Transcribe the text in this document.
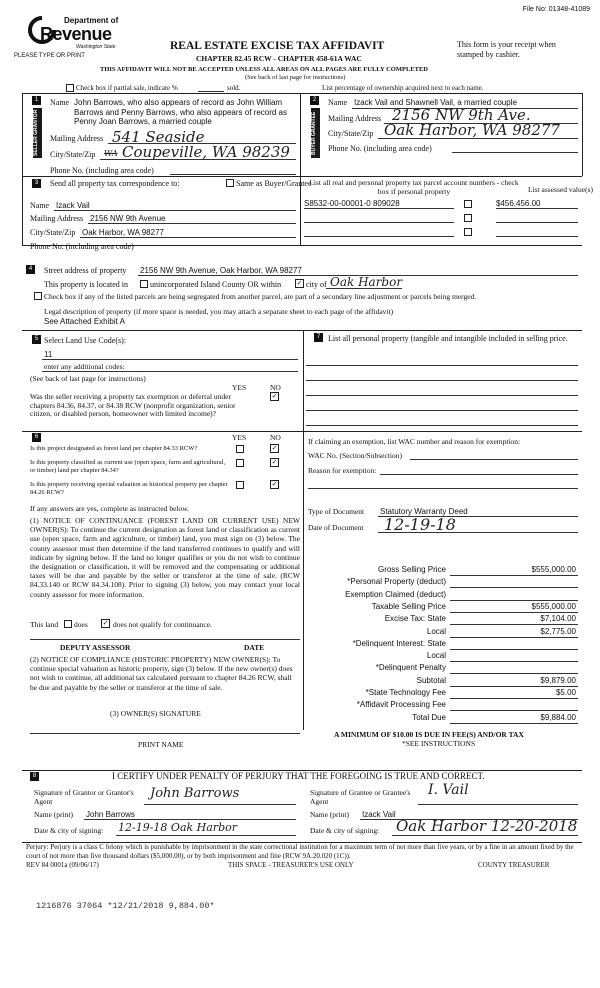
File No: 01348-41089
Department of
Revenue
Washington State
PLEASE TYPE OR PRINT
REAL ESTATE EXCISE TAX AFFIDAVIT
CHAPTER 82.45 RCW - CHAPTER 458-61A WAC
This form is your receipt when stamped by cashier.
THIS AFFIDAVIT WILL NOT BE ACCEPTED UNLESS ALL AREAS ON ALL PAGES ARE FULLY COMPLETED
(See back of last page for instructions)
Check box if partial sale, indicate %	sold.	List percentage of ownership acquired next to each name.
1
SELLER GRANTOR
Name John Barrows, who also appears of record as John William Barrows and Penny Barrows, who also appears of record as Penny Joan Barrows, a married couple
Mailing Address 541 Seaside
City/State/Zip WA Coupeville, WA 98239
Phone No. (including area code)
2
BUYER GRANTEE
Name Izack Vail and Shawnell Vail, a married couple
Mailing Address 2156 NW 9th Ave.
City/State/Zip Oak Harbor, WA 98277
Phone No. (including area code)
3	Send all property tax correspondence to:	Same as Buyer/Grantee
Name Izack Vail
Mailing Address 2156 NW 9th Avenue
City/State/Zip Oak Harbor, WA 98277
Phone No. (including area code)
List all real and personal property tax parcel account numbers - check box if personal property	List assessed value(s)
S8532-00-00001-0 809028	$456,456.00
4	Street address of property 2156 NW 9th Avenue, Oak Harbor, WA 98277
This property is located in	unincorporated Island County OR within ✓ city of Oak Harbor
Check box if any of the listed parcels are being segregated from another parcel, are part of a secondary line adjustment or parcels being merged.
Legal description of property (if more space is needed, you may attach a separate sheet to each page of the affidavit)
See Attached Exhibit A
5 Select Land Use Code(s):
11
enter any additional codes:
(See back of last page for instructions)
YES	NO
Was the seller receiving a property tax exemption or deferral under chapters 84.36, 84.37, or 84.38 RCW (nonprofit organization, senior citizen, or disabled person, homeowner with limited income)?
✓
7 List all personal property (tangible and intangible included in selling price.
6	YES	NO
Is this project designated as forest land per chapter 84.33 RCW?	✓
Is this property classified as current use (open space, farm and agricultural, or timber) land per chapter 84.34?
✓
Is this property receiving special valuation as historical property per chapter 84.26 RCW?
✓
If any answers are yes, complete as instructed below.
(1) NOTICE OF CONTINUANCE (FOREST LAND OR CURRENT USE) NEW OWNER(S): To continue the current designation as forest land or classification as current use (open space, farm and agriculture, or timber) land, you must sign on (3) below. The county assessor must then determine if the land transferred continues to qualify and will indicate by signing below. If the land no longer qualifies or you do not wish to continue the designation or classification, it will be removed and the compensating or additional taxes will be due and payable by the seller or transferor at the time of sale. (RCW 84.33.140 or RCW 84.34.108). Prior to signing (3) below, you may contact your local county assessor for more information.
This land does ✓ does not qualify for continuance.
DEPUTY ASSESSOR	DATE
(2) NOTICE OF COMPLIANCE (HISTORIC PROPERTY) NEW OWNER(S): To continue special valuation as historic property, sign (3) below. If the new owner(s) does not wish to continue, all additional tax calculated pursuant to chapter 84.26 RCW, shall be due and payable by the seller or transferor at the time of sale.
(3) OWNER(S) SIGNATURE
PRINT NAME
If claiming an exemption, list WAC number and reason for exemption:
WAC No. (Section/Subsection)
Reason for exemption:
Type of Document Statutory Warranty Deed
Date of Document 12-19-18
Gross Selling Price	$555,000.00
*Personal Property (deduct)
Exemption Claimed (deduct)
Taxable Selling Price	$555,000.00
Excise Tax: State	$7,104.00
Local	$2,775.00
*Delinquent Interest: State
Local
*Delinquent Penalty
Subtotal	$9,879.00
*State Technology Fee	$5.00
*Affidavit Processing Fee
Total Due	$9,884.00
A MINIMUM OF $10.00 IS DUE IN FEE(S) AND/OR TAX
*SEE INSTRUCTIONS
8	I CERTIFY UNDER PENALTY OF PERJURY THAT THE FOREGOING IS TRUE AND CORRECT.
Signature of Grantor or Grantor's Agent
John Barrows	Signature of Grantee or Grantee's Agent
I. Vail
Name (print) John Barrows	Name (print) Izack Vail
Date & city of signing: 12-19-18 Oak Harbor	Date & city of signing: Oak Harbor 12-20-2018
Perjury: Perjury is a class C felony which is punishable by imprisonment in the state correctional institution for a maximum term of not more than five years, or by a fine in an amount fixed by the court of not more than five thousand dollars ($5,000.00), or by both imprisonment and fine (RCW 9A.20.020 (1C)).
REV 84 0001a (09/06/17)	THIS SPACE - TREASURER'S USE ONLY	COUNTY TREASURER
1216876 37064 *12/21/2018 9,884.00*
